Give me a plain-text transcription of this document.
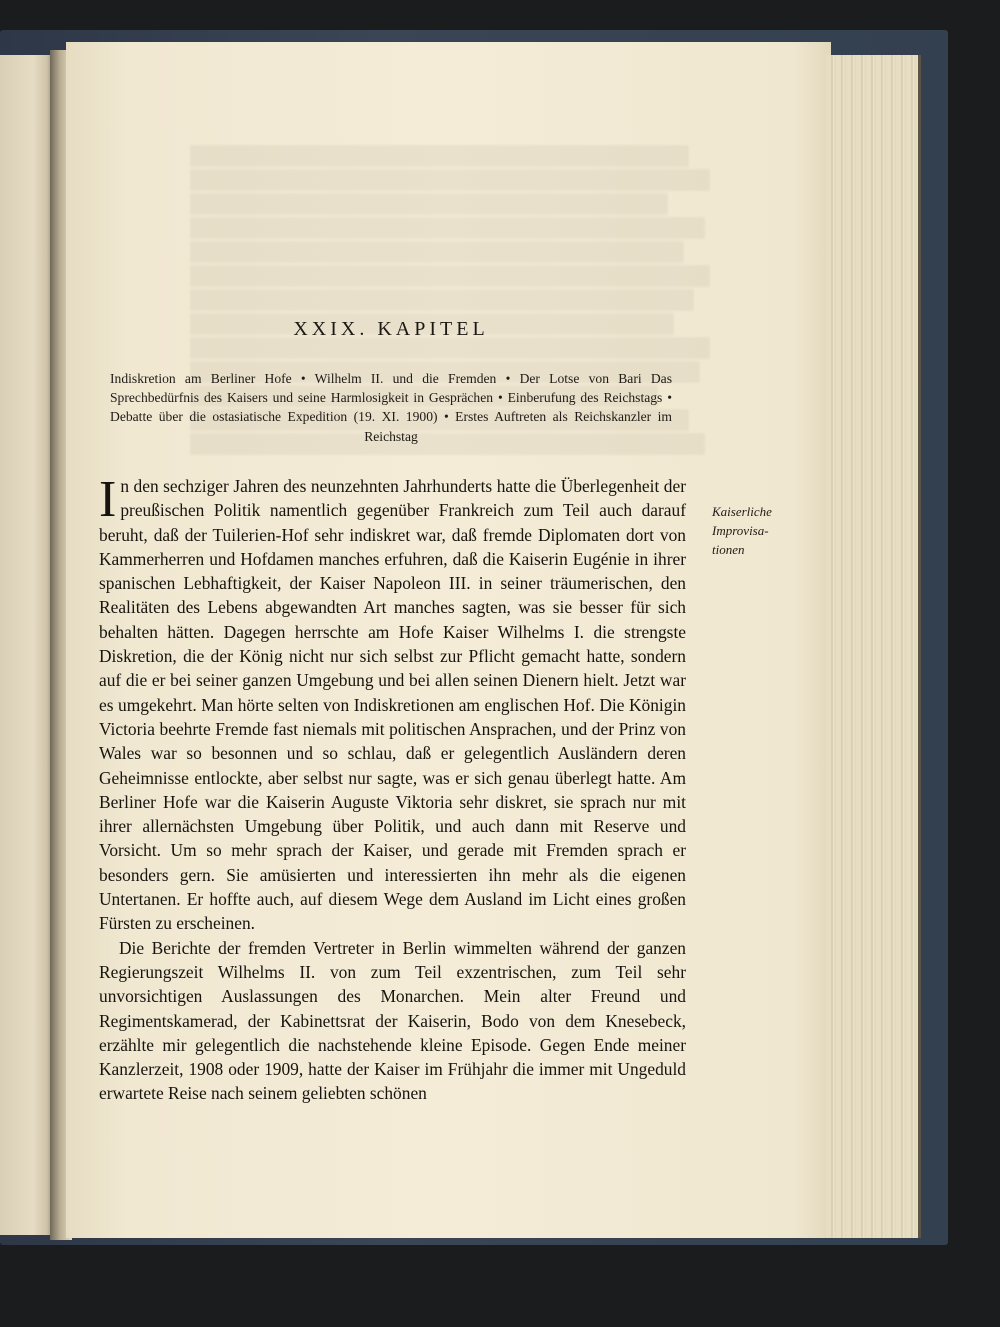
XXIX. KAPITEL
Indiskretion am Berliner Hofe • Wilhelm II. und die Fremden • Der Lotse von Bari Das Sprechbedürfnis des Kaisers und seine Harmlosigkeit in Gesprächen • Einberufung des Reichstags • Debatte über die ostasiatische Expedition (19. XI. 1900) • Erstes Auftreten als Reichskanzler im Reichstag
Kaiserliche
Improvisa-
tionen

In den sechziger Jahren des neunzehnten Jahrhunderts hatte die Überlegenheit der preußischen Politik namentlich gegenüber Frankreich zum Teil auch darauf beruht, daß der Tuilerien-Hof sehr indiskret war, daß fremde Diplomaten dort von Kammerherren und Hofdamen manches erfuhren, daß die Kaiserin Eugénie in ihrer spanischen Lebhaftigkeit, der Kaiser Napoleon III. in seiner träumerischen, den Realitäten des Lebens abgewandten Art manches sagten, was sie besser für sich behalten hätten. Dagegen herrschte am Hofe Kaiser Wilhelms I. die strengste Diskretion, die der König nicht nur sich selbst zur Pflicht gemacht hatte, sondern auf die er bei seiner ganzen Umgebung und bei allen seinen Dienern hielt. Jetzt war es umgekehrt. Man hörte selten von Indiskretionen am englischen Hof. Die Königin Victoria beehrte Fremde fast niemals mit politischen Ansprachen, und der Prinz von Wales war so besonnen und so schlau, daß er gelegentlich Ausländern deren Geheimnisse entlockte, aber selbst nur sagte, was er sich genau überlegt hatte. Am Berliner Hofe war die Kaiserin Auguste Viktoria sehr diskret, sie sprach nur mit ihrer allernächsten Umgebung über Politik, und auch dann mit Reserve und Vorsicht. Um so mehr sprach der Kaiser, und gerade mit Fremden sprach er besonders gern. Sie amüsierten und interessierten ihn mehr als die eigenen Untertanen. Er hoffte auch, auf diesem Wege dem Ausland im Licht eines großen Fürsten zu erscheinen.

Die Berichte der fremden Vertreter in Berlin wimmelten während der ganzen Regierungszeit Wilhelms II. von zum Teil exzentrischen, zum Teil sehr unvorsichtigen Auslassungen des Monarchen. Mein alter Freund und Regimentskamerad, der Kabinettsrat der Kaiserin, Bodo von dem Knesebeck, erzählte mir gelegentlich die nachstehende kleine Episode. Gegen Ende meiner Kanzlerzeit, 1908 oder 1909, hatte der Kaiser im Frühjahr die immer mit Ungeduld erwartete Reise nach seinem geliebten schönen
